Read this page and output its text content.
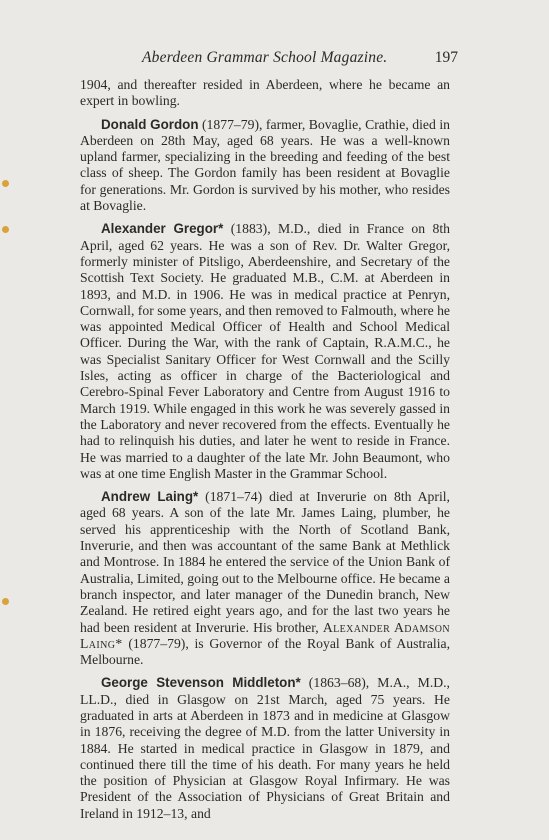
Aberdeen Grammar School Magazine.	197

1904, and thereafter resided in Aberdeen, where he became an expert in bowling.

Donald Gordon (1877–79), farmer, Bovaglie, Crathie, died in Aberdeen on 28th May, aged 68 years. He was a well-known upland farmer, specializing in the breeding and feeding of the best class of sheep. The Gordon family has been resident at Bovaglie for generations. Mr. Gordon is survived by his mother, who resides at Bovaglie.

Alexander Gregor* (1883), M.D., died in France on 8th April, aged 62 years. He was a son of Rev. Dr. Walter Gregor, formerly minister of Pitsligo, Aberdeenshire, and Secretary of the Scottish Text Society. He graduated M.B., C.M. at Aberdeen in 1893, and M.D. in 1906. He was in medical practice at Penryn, Cornwall, for some years, and then removed to Falmouth, where he was appointed Medical Officer of Health and School Medical Officer. During the War, with the rank of Captain, R.A.M.C., he was Specialist Sanitary Officer for West Cornwall and the Scilly Isles, acting as officer in charge of the Bacteriological and Cerebro-Spinal Fever Laboratory and Centre from August 1916 to March 1919. While engaged in this work he was severely gassed in the Laboratory and never recovered from the effects. Eventually he had to relinquish his duties, and later he went to reside in France. He was married to a daughter of the late Mr. John Beaumont, who was at one time English Master in the Grammar School.

Andrew Laing* (1871–74) died at Inverurie on 8th April, aged 68 years. A son of the late Mr. James Laing, plumber, he served his apprenticeship with the North of Scotland Bank, Inverurie, and then was accountant of the same Bank at Methlick and Montrose. In 1884 he entered the service of the Union Bank of Australia, Limited, going out to the Melbourne office. He became a branch inspector, and later manager of the Dunedin branch, New Zealand. He retired eight years ago, and for the last two years he had been resident at Inverurie. His brother, Alexander Adamson Laing* (1877–79), is Governor of the Royal Bank of Australia, Melbourne.

George Stevenson Middleton* (1863–68), M.A., M.D., LL.D., died in Glasgow on 21st March, aged 75 years. He graduated in arts at Aberdeen in 1873 and in medicine at Glasgow in 1876, receiving the degree of M.D. from the latter University in 1884. He started in medical practice in Glasgow in 1879, and continued there till the time of his death. For many years he held the position of Physician at Glasgow Royal Infirmary. He was President of the Association of Physicians of Great Britain and Ireland in 1912–13, and
